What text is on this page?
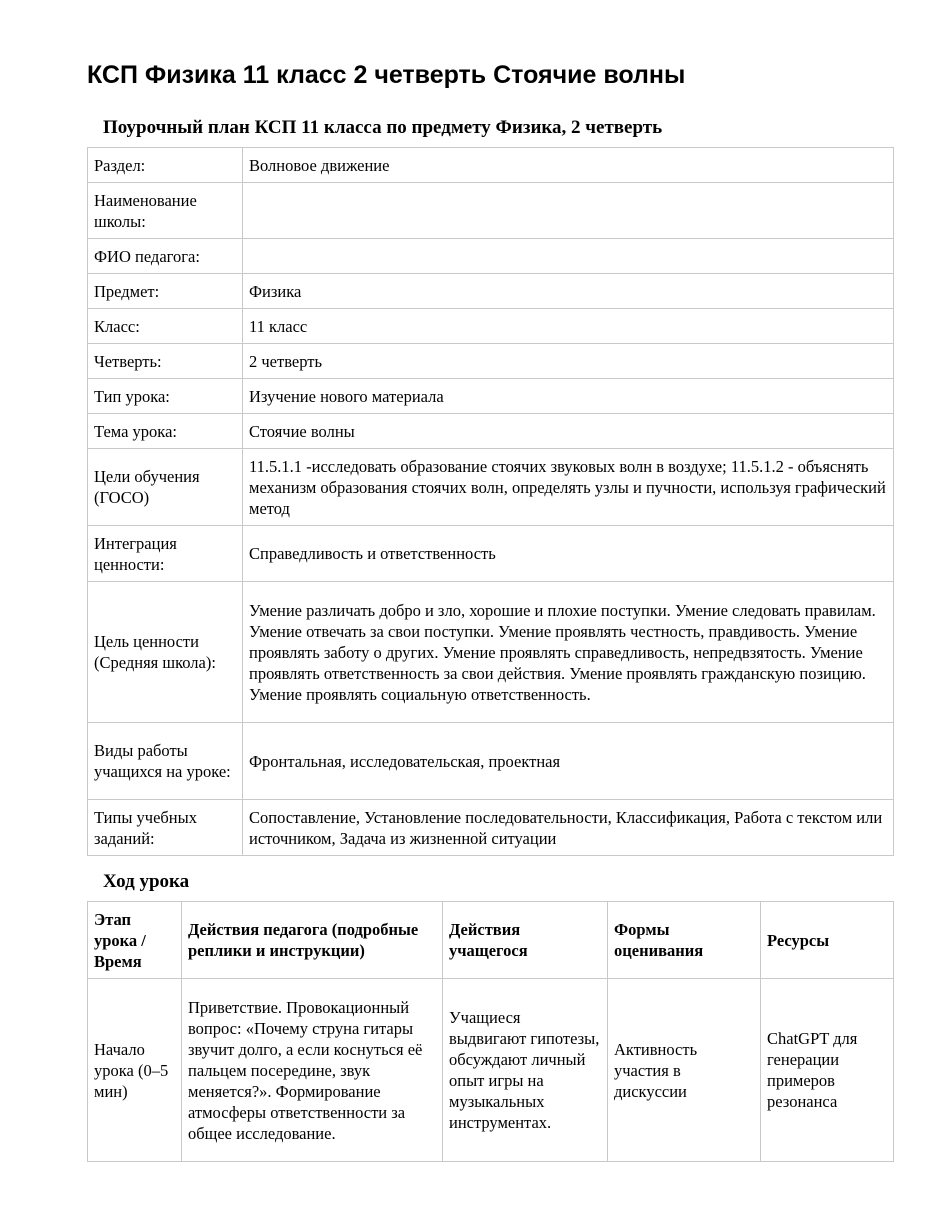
КСП Физика 11 класс 2 четверть Стоячие волны
Поурочный план КСП 11 класса по предмету Физика, 2 четверть
Раздел:	Волновое движение
Наименование школы:	
ФИО педагога:	
Предмет:	Физика
Класс:	11 класс
Четверть:	2 четверть
Тип урока:	Изучение нового материала
Тема урока:	Стоячие волны
Цели обучения (ГОСО)	11.5.1.1 -исследовать образование стоячих звуковых волн в воздухе; 11.5.1.2 - объяснять механизм образования стоячих волн, определять узлы и пучности, используя графический метод
Интеграция ценности:	Справедливость и ответственность
Цель ценности (Средняя школа):	Умение различать добро и зло, хорошие и плохие поступки. Умение следовать правилам. Умение отвечать за свои поступки. Умение проявлять честность, правдивость. Умение проявлять заботу о других. Умение проявлять справедливость, непредвзятость. Умение проявлять ответственность за свои действия. Умение проявлять гражданскую позицию. Умение проявлять социальную ответственность.
Виды работы учащихся на уроке:	Фронтальная, исследовательская, проектная
Типы учебных заданий:	Сопоставление, Установление последовательности, Классификация, Работа с текстом или источником, Задача из жизненной ситуации
Ход урока
Этап урока / Время	Действия педагога (подробные реплики и инструкции)	Действия учащегося	Формы оценивания	Ресурсы
Начало урока (0–5 мин)	Приветствие. Провокационный вопрос: «Почему струна гитары звучит долго, а если коснуться её пальцем посередине, звук меняется?». Формирование атмосферы ответственности за общее исследование.	Учащиеся выдвигают гипотезы, обсуждают личный опыт игры на музыкальных инструментах.	Активность участия в дискуссии	ChatGPT для генерации примеров резонанса
